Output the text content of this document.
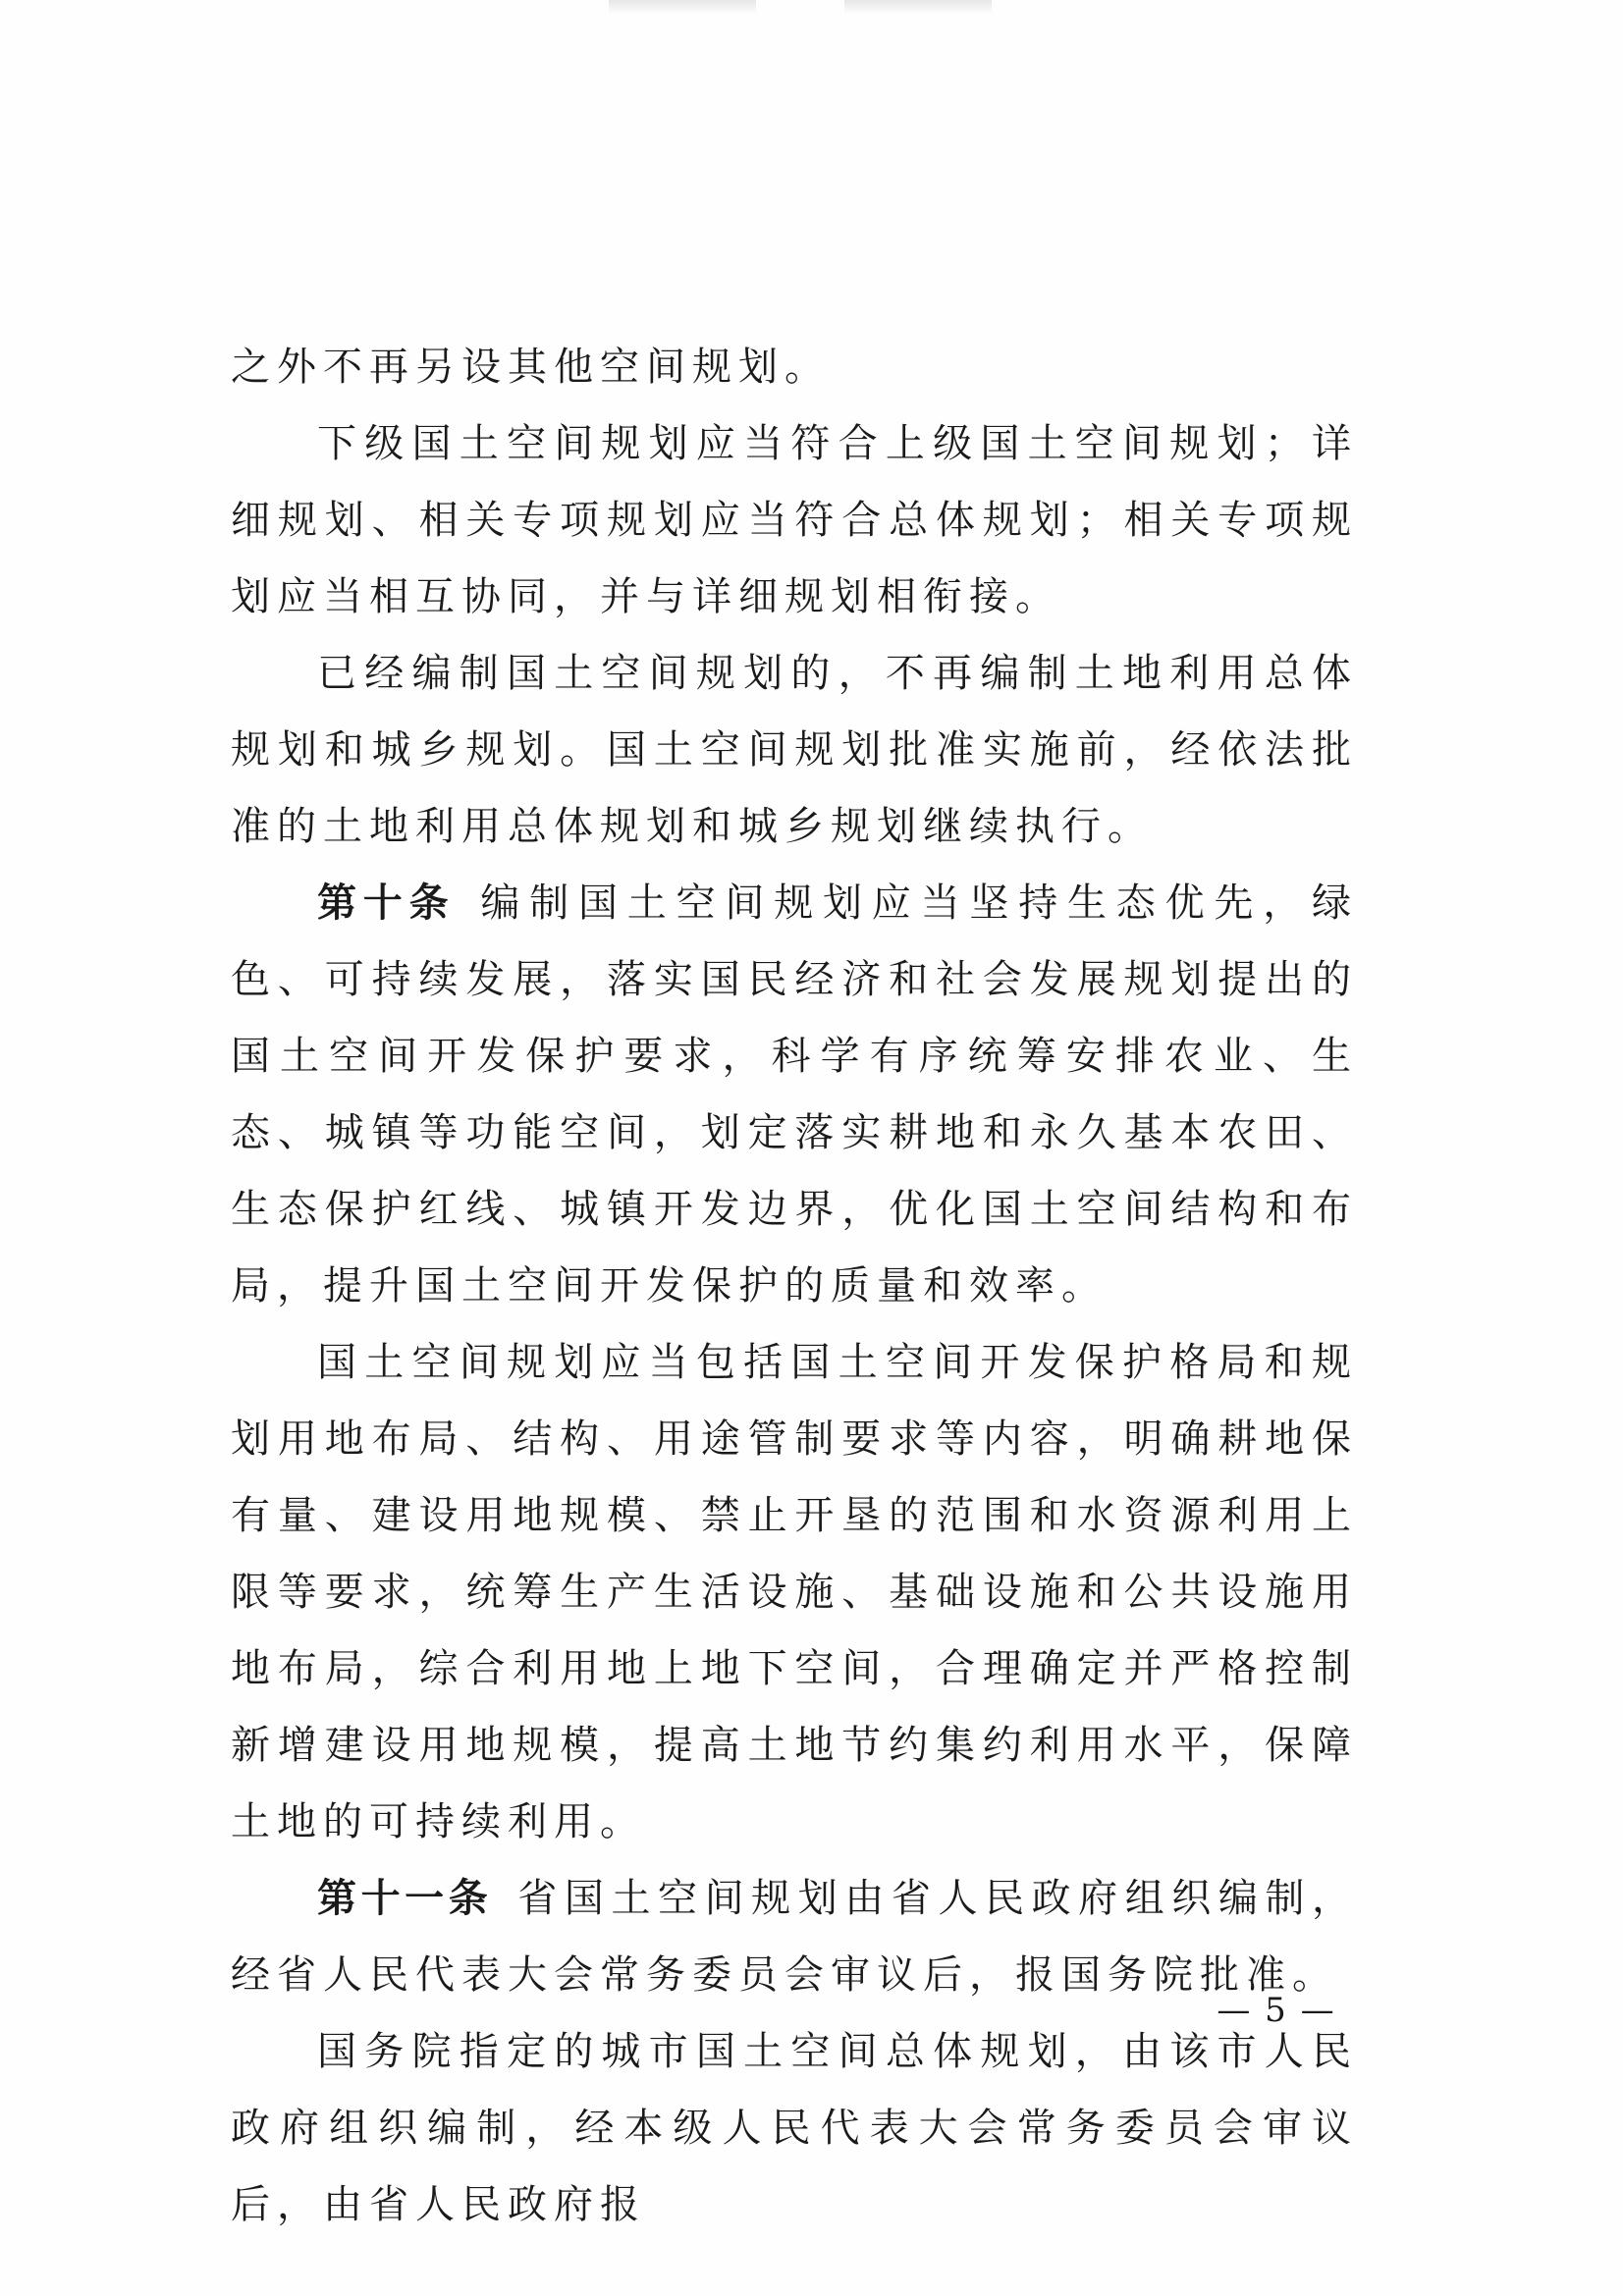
之外不再另设其他空间规划。

下级国土空间规划应当符合上级国土空间规划；详细规划、相关专项规划应当符合总体规划；相关专项规划应当相互协同，并与详细规划相衔接。

已经编制国土空间规划的，不再编制土地利用总体规划和城乡规划。国土空间规划批准实施前，经依法批准的土地利用总体规划和城乡规划继续执行。

第十条 编制国土空间规划应当坚持生态优先，绿色、可持续发展，落实国民经济和社会发展规划提出的国土空间开发保护要求，科学有序统筹安排农业、生态、城镇等功能空间，划定落实耕地和永久基本农田、生态保护红线、城镇开发边界，优化国土空间结构和布局，提升国土空间开发保护的质量和效率。

国土空间规划应当包括国土空间开发保护格局和规划用地布局、结构、用途管制要求等内容，明确耕地保有量、建设用地规模、禁止开垦的范围和水资源利用上限等要求，统筹生产生活设施、基础设施和公共设施用地布局，综合利用地上地下空间，合理确定并严格控制新增建设用地规模，提高土地节约集约利用水平，保障土地的可持续利用。

第十一条 省国土空间规划由省人民政府组织编制，经省人民代表大会常务委员会审议后，报国务院批准。

国务院指定的城市国土空间总体规划，由该市人民政府组织编制，经本级人民代表大会常务委员会审议后，由省人民政府报

— 5 —
